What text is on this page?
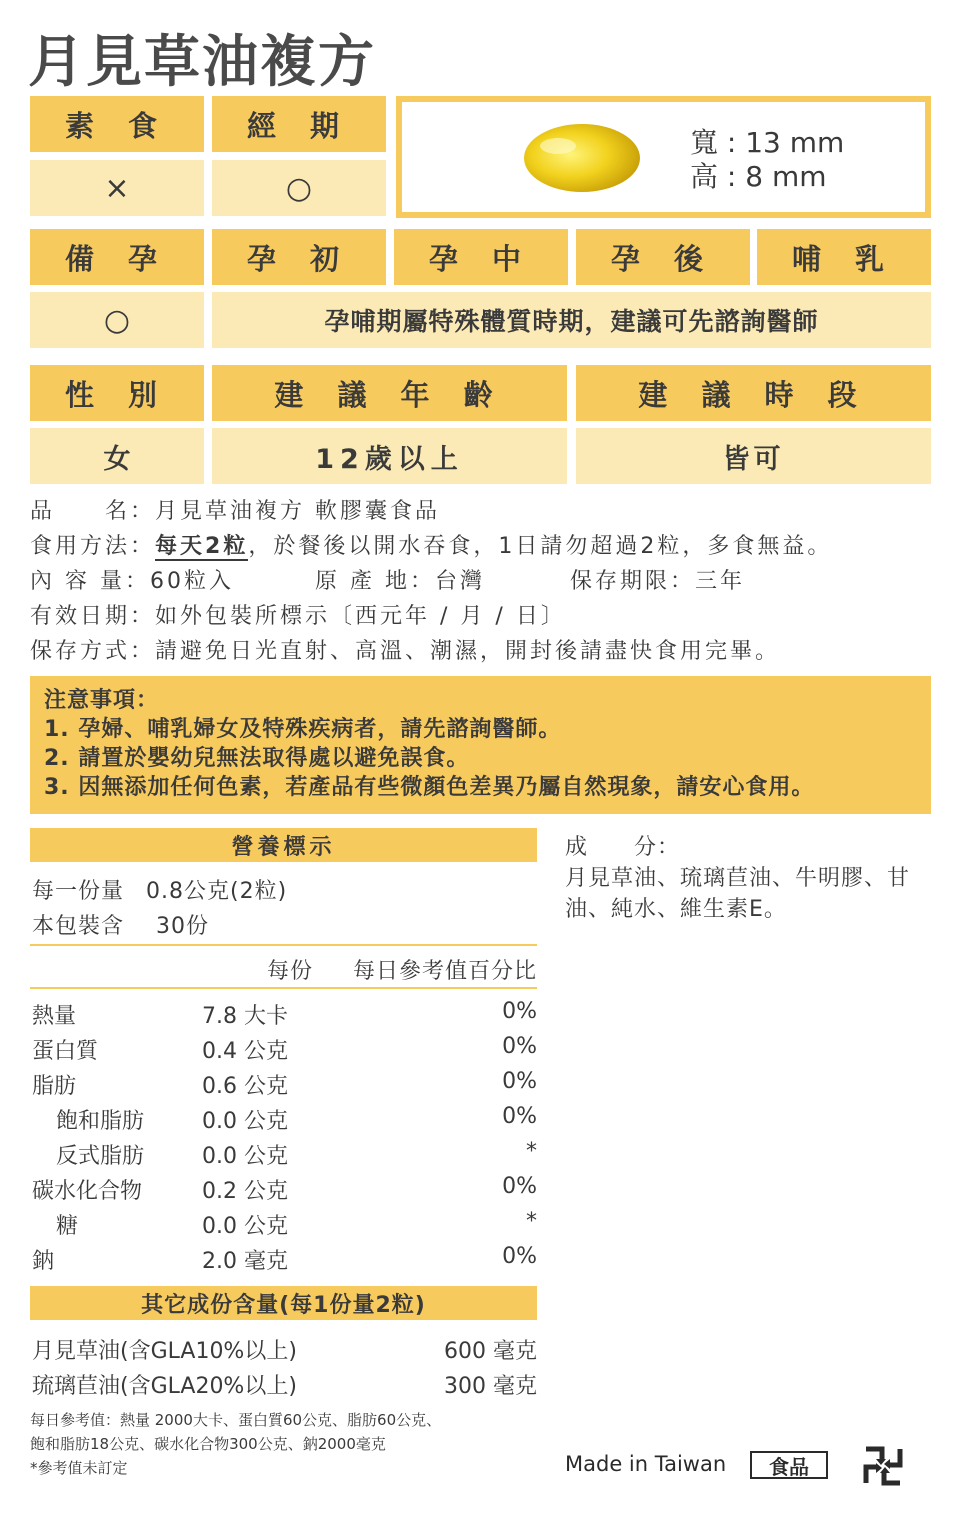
月見草油複方
素 食	經 期
×	○
寬 : 13 mm
高 : 8 mm
備 孕	孕 初	孕 中	孕 後	哺 乳
○	孕哺期屬特殊體質時期，建議可先諮詢醫師
性 別	建 議 年 齡	建 議 時 段
女	12歲以上	皆可
品　　名：月見草油複方 軟膠囊食品
食用方法：每天2粒，於餐後以開水吞食，1日請勿超過2粒，多食無益。
內 容 量：60粒入	原 產 地：台灣	保存期限：三年
有效日期：如外包裝所標示〔西元年 / 月 / 日〕
保存方式：請避免日光直射、高溫、潮濕，開封後請盡快食用完畢。
注意事項：
1. 孕婦、哺乳婦女及特殊疾病者，請先諮詢醫師。
2. 請置於嬰幼兒無法取得處以避免誤食。
3. 因無添加任何色素，若產品有些微顏色差異乃屬自然現象，請安心食用。
營養標示
每一份量 0.8公克(2粒)
本包裝含 30份
每份 每日參考值百分比
熱量	7.8 大卡	0%
蛋白質	0.4 公克	0%
脂肪	0.6 公克	0%
飽和脂肪	0.0 公克	0%
反式脂肪	0.0 公克	*
碳水化合物	0.2 公克	0%
糖	0.0 公克	*
鈉	2.0 毫克	0%
其它成份含量(每1份量2粒)
月見草油(含GLA10%以上)	600 毫克
琉璃苣油(含GLA20%以上)	300 毫克
每日參考值：熱量 2000大卡、蛋白質60公克、脂肪60公克、
飽和脂肪18公克、碳水化合物300公克、鈉2000毫克
*參考值未訂定
成　　分：
月見草油、琉璃苣油、牛明膠、甘油、純水、維生素E。
Made in Taiwan	食品
